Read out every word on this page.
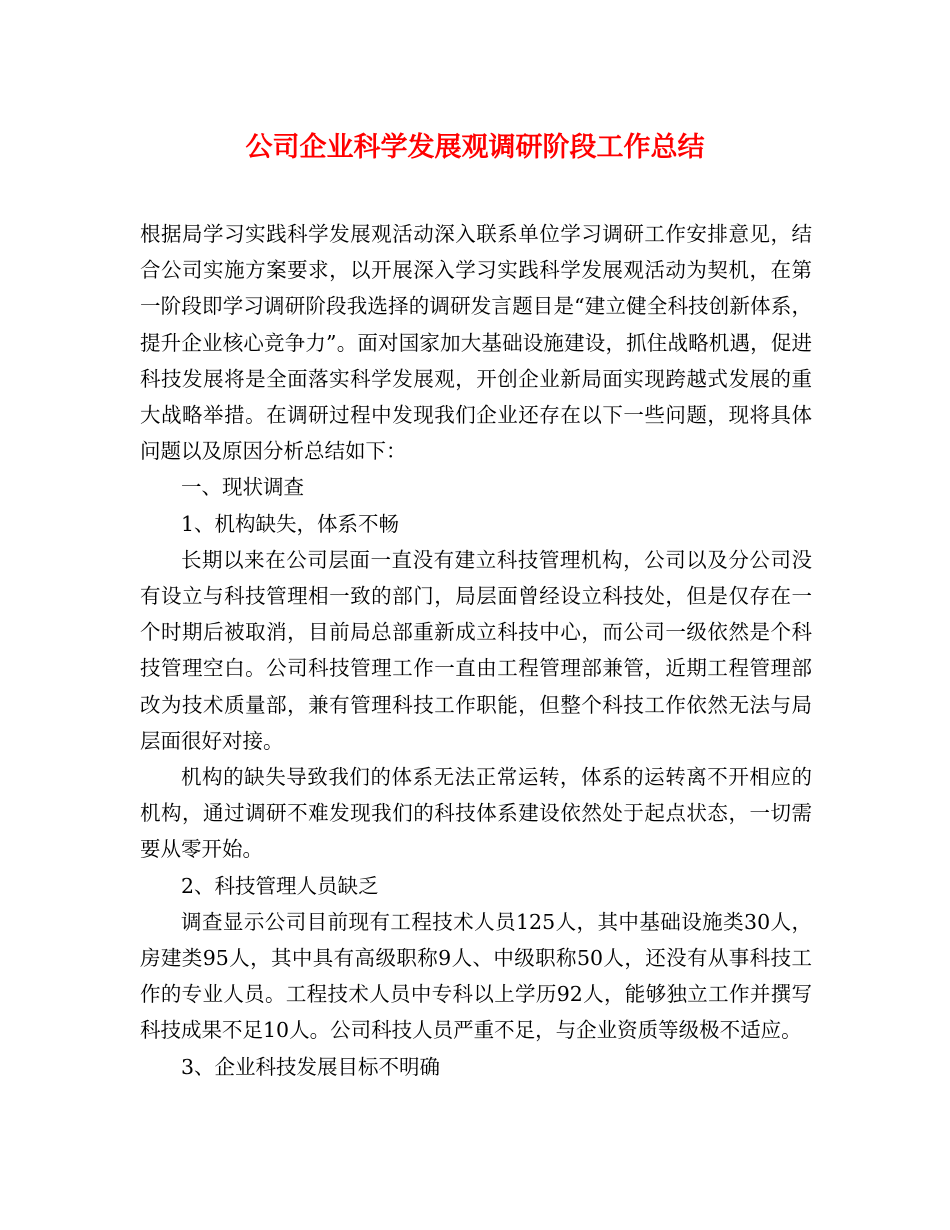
公司企业科学发展观调研阶段工作总结

根据局学习实践科学发展观活动深入联系单位学习调研工作安排意见，结合公司实施方案要求，以开展深入学习实践科学发展观活动为契机，在第一阶段即学习调研阶段我选择的调研发言题目是“建立健全科技创新体系，提升企业核心竞争力”。面对国家加大基础设施建设，抓住战略机遇，促进科技发展将是全面落实科学发展观，开创企业新局面实现跨越式发展的重大战略举措。在调研过程中发现我们企业还存在以下一些问题，现将具体问题以及原因分析总结如下：

一、现状调查

1、机构缺失，体系不畅

长期以来在公司层面一直没有建立科技管理机构，公司以及分公司没有设立与科技管理相一致的部门，局层面曾经设立科技处，但是仅存在一个时期后被取消，目前局总部重新成立科技中心，而公司一级依然是个科技管理空白。公司科技管理工作一直由工程管理部兼管，近期工程管理部改为技术质量部，兼有管理科技工作职能，但整个科技工作依然无法与局层面很好对接。

机构的缺失导致我们的体系无法正常运转，体系的运转离不开相应的机构，通过调研不难发现我们的科技体系建设依然处于起点状态，一切需要从零开始。

2、科技管理人员缺乏

调查显示公司目前现有工程技术人员125人，其中基础设施类30人，房建类95人，其中具有高级职称9人、中级职称50人，还没有从事科技工作的专业人员。工程技术人员中专科以上学历92人，能够独立工作并撰写科技成果不足10人。公司科技人员严重不足，与企业资质等级极不适应。

3、企业科技发展目标不明确
